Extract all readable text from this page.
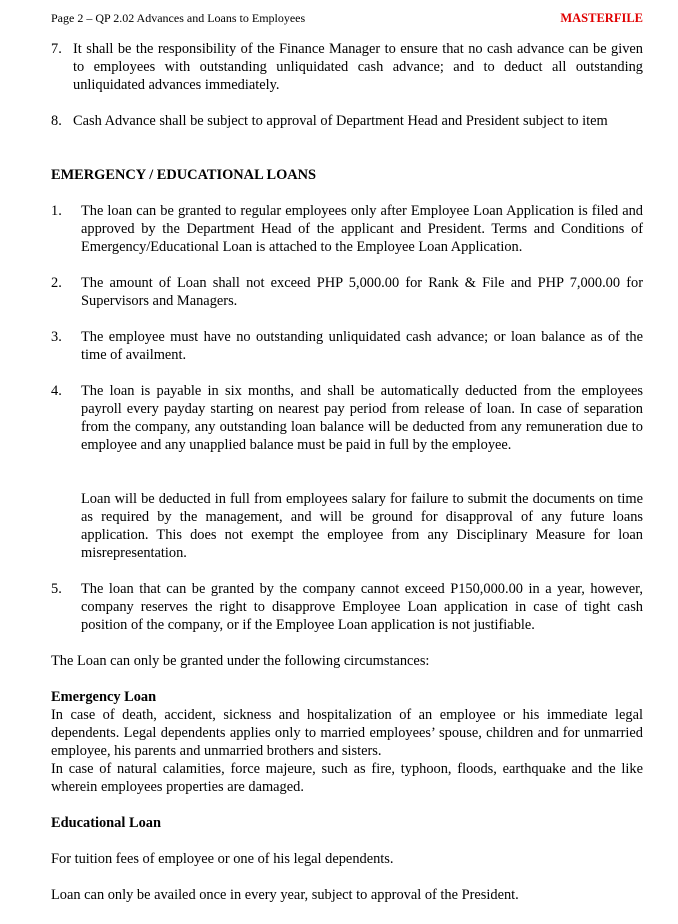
Page 2 – QP 2.02 Advances and Loans to Employees	MASTERFILE
7. It shall be the responsibility of the Finance Manager to ensure that no cash advance can be given to employees with outstanding unliquidated cash advance; and to deduct all outstanding unliquidated advances immediately.
8. Cash Advance shall be subject to approval of Department Head and President subject to item
EMERGENCY / EDUCATIONAL LOANS
1. The loan can be granted to regular employees only after Employee Loan Application is filed and approved by the Department Head of the applicant and President. Terms and Conditions of Emergency/Educational Loan is attached to the Employee Loan Application.
2. The amount of Loan shall not exceed PHP 5,000.00 for Rank & File and PHP 7,000.00 for Supervisors and Managers.
3. The employee must have no outstanding unliquidated cash advance; or loan balance as of the time of availment.
4. The loan is payable in six months, and shall be automatically deducted from the employees payroll every payday starting on nearest pay period from release of loan. In case of separation from the company, any outstanding loan balance will be deducted from any remuneration due to employee and any unapplied balance must be paid in full by the employee.
Loan will be deducted in full from employees salary for failure to submit the documents on time as required by the management, and will be ground for disapproval of any future loans application. This does not exempt the employee from any Disciplinary Measure for loan misrepresentation.
5. The loan that can be granted by the company cannot exceed P150,000.00 in a year, however, company reserves the right to disapprove Employee Loan application in case of tight cash position of the company, or if the Employee Loan application is not justifiable.
The Loan can only be granted under the following circumstances:
Emergency Loan
In case of death, accident, sickness and hospitalization of an employee or his immediate legal dependents. Legal dependents applies only to married employees’ spouse, children and for unmarried employee, his parents and unmarried brothers and sisters.
In case of natural calamities, force majeure, such as fire, typhoon, floods, earthquake and the like wherein employees properties are damaged.
Educational Loan
For tuition fees of employee or one of his legal dependents.
Loan can only be availed once in every year, subject to approval of the President.
